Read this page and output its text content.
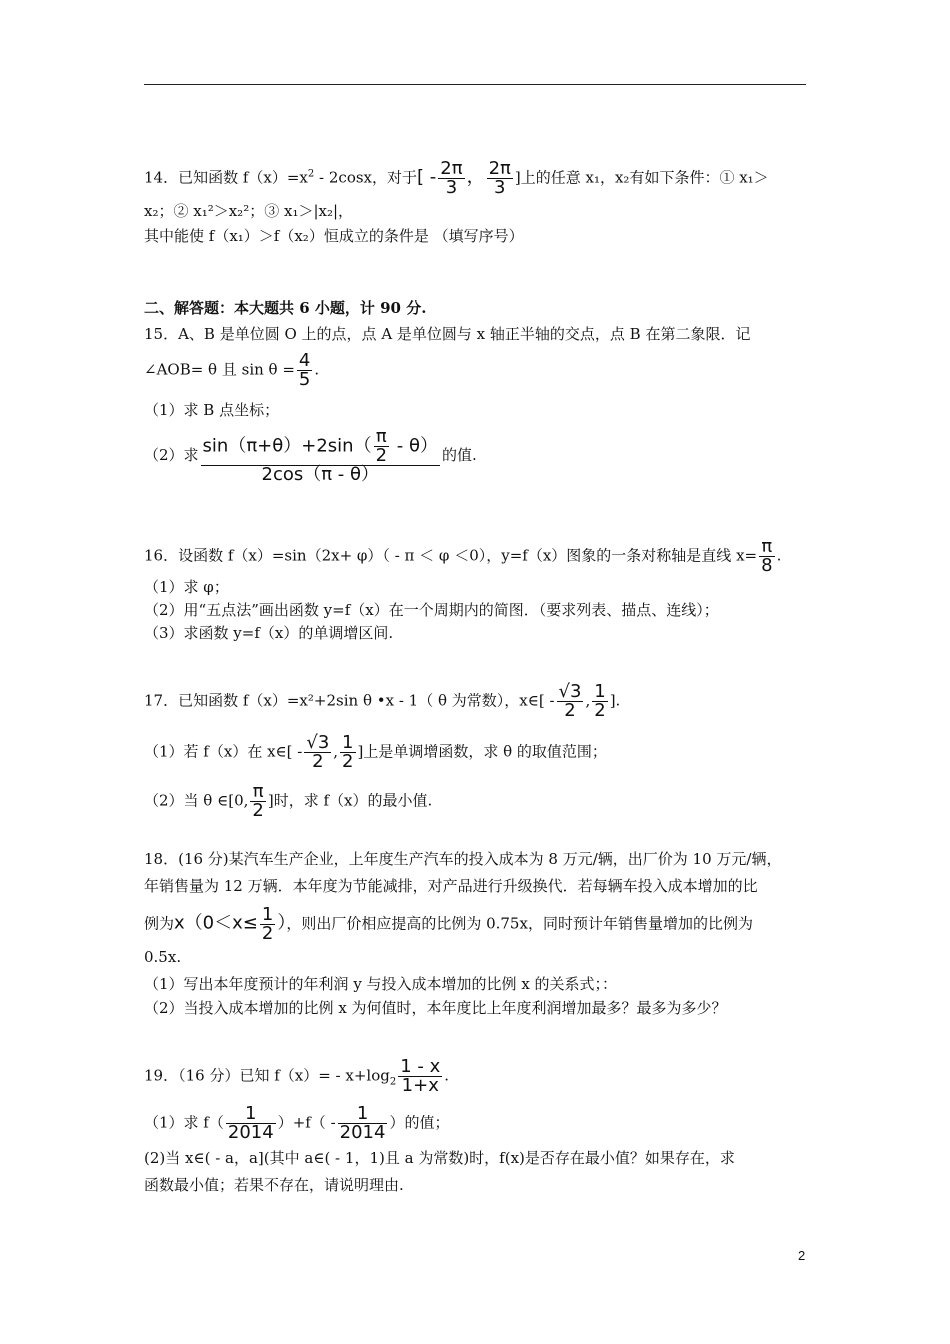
14．已知函数 $f(x)=x^2 - 2\cos x$，对于[ - $\frac{2\pi}{3}$ ， $\frac{2\pi}{3}$ ]上的任意 x₁，x₂有如下条件：① x₁＞
x₂；② x₁²＞x₂²；③ x₁＞|x₂|，
其中能使 f（x₁）＞f（x₂）恒成立的条件是 （填写序号）
二、解答题：本大题共 6 小题，计 90 分.
15．A、B 是单位圆 O 上的点，点 A 是单位圆与 x 轴正半轴的交点，点 B 在第二象限．记
∠AOB= θ 且 $\sin \theta = \frac{4}{5}$ .
（1）求 B 点坐标；
（2）求 $\frac{\sin(\pi+\theta)+2\sin( \frac{\pi}{2} - \theta)}{2\cos(\pi - \theta)}$ 的值.
16．设函数 f（x）=sin（2x+ φ）（ - π ＜ φ ＜0），y=f（x）图象的一条对称轴是直线 $x= \frac{\pi}{8}$ .
（1）求 φ；
（2）用“五点法”画出函数 y=f（x）在一个周期内的简图．（要求列表、描点、连线）；
（3）求函数 y=f（x）的单调增区间.
17．已知函数 f（x）=x²+2sin θ •x - 1（ θ 为常数），x∈[ - $\frac{√3}{2}$ , $\frac{1}{2}$ ].
（1）若 f（x）在 x∈[ - $\frac{√3}{2}$ , $\frac{1}{2}$ ]上是单调增函数，求 θ 的取值范围；
（2）当 θ ∈[0, $\frac{\pi}{2}$ ]时，求 f（x）的最小值.
18．(16 分)某汽车生产企业，上年度生产汽车的投入成本为 8 万元/辆，出厂价为 10 万元/辆，
年销售量为 12 万辆．本年度为节能减排，对产品进行升级换代．若每辆车投入成本增加的比
例为$x(0<x\le \frac{1}{2}$ ），则出厂价相应提高的比例为 0.75x，同时预计年销售量增加的比例为
0.5x.
（1）写出本年度预计的年利润 y 与投入成本增加的比例 x 的关系式；：
（2）当投入成本增加的比例 x 为何值时，本年度比上年度利润增加最多？最多为多少？
19．（16 分）已知 $f(x)= - x+\log_2 \frac{1 - x}{1+x}$ .
（1）求 $f( \frac{1}{2014} )+f( - \frac{1}{2014}$ ）的值；
(2)当 x∈( - a，a](其中 a∈( - 1，1)且 a 为常数)时，f(x)是否存在最小值？如果存在，求
函数最小值；若果不存在，请说明理由.
2
